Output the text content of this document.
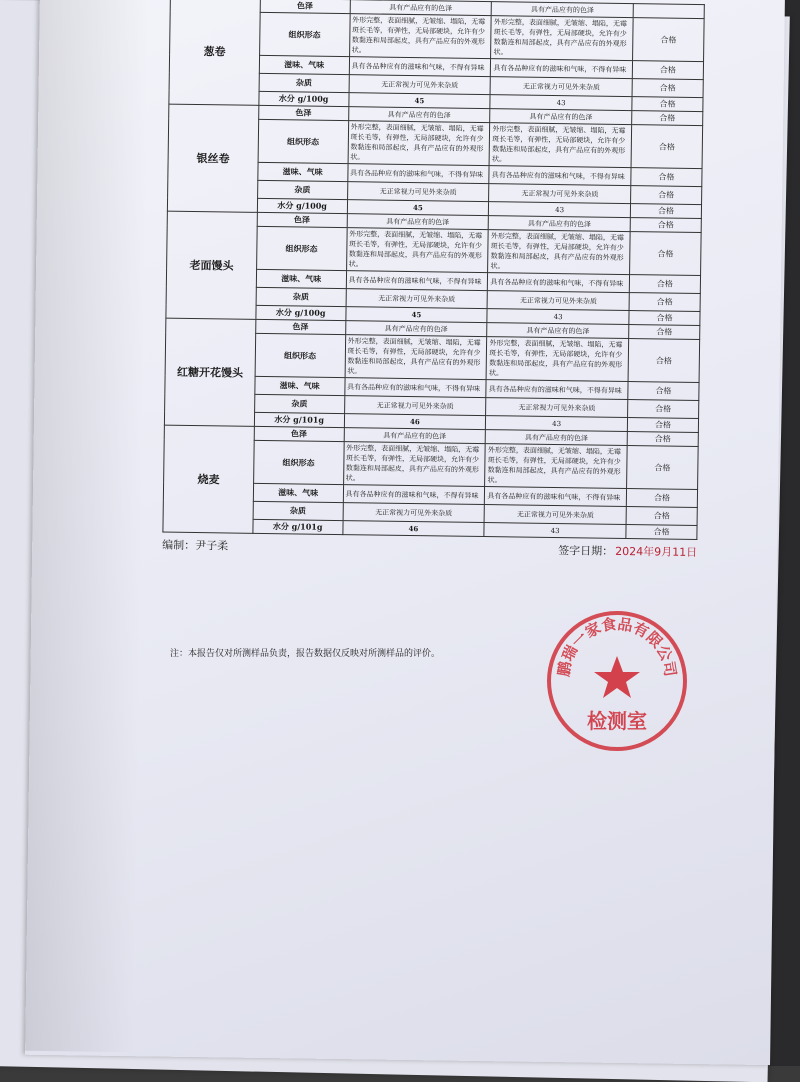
葱卷	色泽	具有产品应有的色泽	具有产品应有的色泽	
	组织形态	外形完整，表面细腻，无皱缩、塌陷，无霉斑长毛等，有弹性，无局部硬块，允许有少数黏连和局部起皮，具有产品应有的外观形状。	外形完整，表面细腻，无皱缩、塌陷，无霉斑长毛等，有弹性，无局部硬块，允许有少数黏连和局部起皮，具有产品应有的外观形状。	合格
	滋味、气味	具有各品种应有的滋味和气味，不得有异味	具有各品种应有的滋味和气味，不得有异味	合格
	杂质	无正常视力可见外来杂质	无正常视力可见外来杂质	合格
	水分 g/100g	45	43	合格
银丝卷	色泽	具有产品应有的色泽	具有产品应有的色泽	合格
	组织形态	外形完整，表面细腻，无皱缩、塌陷，无霉斑长毛等，有弹性，无局部硬块，允许有少数黏连和局部起皮，具有产品应有的外观形状。	外形完整，表面细腻，无皱缩、塌陷，无霉斑长毛等，有弹性，无局部硬块，允许有少数黏连和局部起皮，具有产品应有的外观形状。	合格
	滋味、气味	具有各品种应有的滋味和气味，不得有异味	具有各品种应有的滋味和气味，不得有异味	合格
	杂质	无正常视力可见外来杂质	无正常视力可见外来杂质	合格
	水分 g/100g	45	43	合格
老面馒头	色泽	具有产品应有的色泽	具有产品应有的色泽	合格
	组织形态	外形完整，表面细腻，无皱缩、塌陷，无霉斑长毛等，有弹性，无局部硬块，允许有少数黏连和局部起皮，具有产品应有的外观形状。	外形完整，表面细腻，无皱缩、塌陷，无霉斑长毛等，有弹性，无局部硬块，允许有少数黏连和局部起皮，具有产品应有的外观形状。	合格
	滋味、气味	具有各品种应有的滋味和气味，不得有异味	具有各品种应有的滋味和气味，不得有异味	合格
	杂质	无正常视力可见外来杂质	无正常视力可见外来杂质	合格
	水分 g/100g	45	43	合格
红糖开花馒头	色泽	具有产品应有的色泽	具有产品应有的色泽	合格
	组织形态	外形完整，表面细腻，无皱缩、塌陷，无霉斑长毛等，有弹性，无局部硬块，允许有少数黏连和局部起皮，具有产品应有的外观形状。	外形完整，表面细腻，无皱缩、塌陷，无霉斑长毛等，有弹性，无局部硬块，允许有少数黏连和局部起皮，具有产品应有的外观形状。	合格
	滋味、气味	具有各品种应有的滋味和气味，不得有异味	具有各品种应有的滋味和气味，不得有异味	合格
	杂质	无正常视力可见外来杂质	无正常视力可见外来杂质	合格
	水分 g/101g	46	43	合格
烧麦	色泽	具有产品应有的色泽	具有产品应有的色泽	合格
	组织形态	外形完整，表面细腻，无皱缩、塌陷，无霉斑长毛等，有弹性，无局部硬块，允许有少数黏连和局部起皮，具有产品应有的外观形状。	外形完整，表面细腻，无皱缩、塌陷，无霉斑长毛等，有弹性，无局部硬块，允许有少数黏连和局部起皮，具有产品应有的外观形状。	合格
	滋味、气味	具有各品种应有的滋味和气味，不得有异味	具有各品种应有的滋味和气味，不得有异味	合格
	杂质	无正常视力可见外来杂质	无正常视力可见外来杂质	合格
	水分 g/101g	46	43	合格
编制：尹子柔	签字日期： 2024年9月11日
注：本报告仅对所测样品负责，报告数据仅反映对所测样品的评价。
鹏瑞一家食品有限公司
检测室
